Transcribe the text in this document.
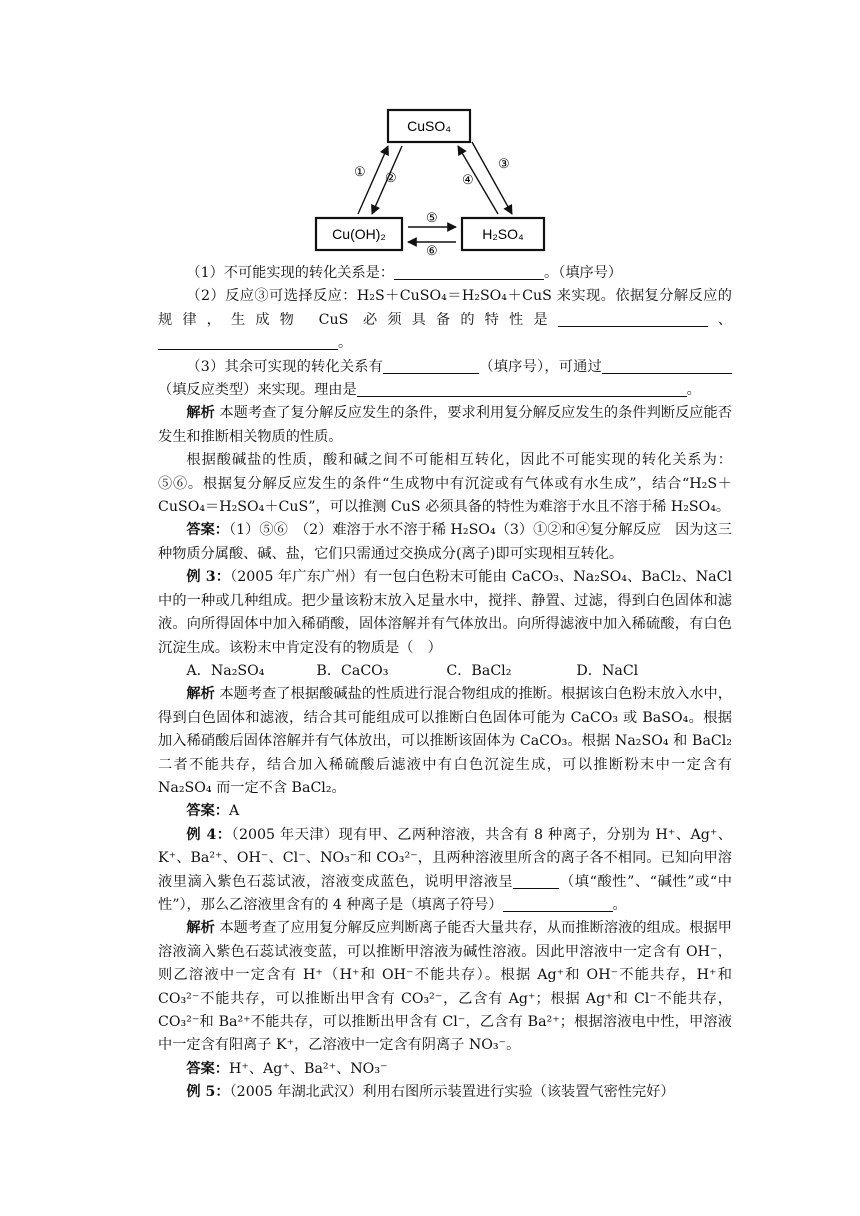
CuSO₄
Cu(OH)₂	H₂SO₄
① ②
③
④
⑤
⑥

（1）不可能实现的转化关系是：	。（填序号）

（2）反应③可选择反应：H₂S＋CuSO₄＝H₂SO₄＋CuS 来实现。依据复分解反应的规律，生成物 CuS 必须具备的特性是	、。

（3）其余可实现的转化关系有	（填序号），可通过（填反应类型）来实现。理由是	。

解析 本题考查了复分解反应发生的条件，要求利用复分解反应发生的条件判断反应能否发生和推断相关物质的性质。

根据酸碱盐的性质，酸和碱之间不可能相互转化，因此不可能实现的转化关系为：⑤⑥。根据复分解反应发生的条件“生成物中有沉淀或有气体或有水生成”，结合“H₂S＋CuSO₄＝H₂SO₄＋CuS”，可以推测 CuS 必须具备的特性为难溶于水且不溶于稀 H₂SO₄。

答案：（1）⑤⑥　（2）难溶于水不溶于稀 H₂SO₄（3）①②和④复分解反应　因为这三种物质分属酸、碱、盐，它们只需通过交换成分(离子)即可实现相互转化。

例 3：（2005 年广东广州）有一包白色粉末可能由 CaCO₃、Na₂SO₄、BaCl₂、NaCl 中的一种或几种组成。把少量该粉末放入足量水中，搅拌、静置、过滤，得到白色固体和滤液。向所得固体中加入稀硝酸，固体溶解并有气体放出。向所得滤液中加入稀硫酸，有白色沉淀生成。该粉末中肯定没有的物质是（　）

A．Na₂SO₄	B．CaCO₃	C．BaCl₂	D．NaCl

解析 本题考查了根据酸碱盐的性质进行混合物组成的推断。根据该白色粉末放入水中，得到白色固体和滤液，结合其可能组成可以推断白色固体可能为 CaCO₃ 或 BaSO₄。根据加入稀硝酸后固体溶解并有气体放出，可以推断该固体为 CaCO₃。根据 Na₂SO₄ 和 BaCl₂ 二者不能共存，结合加入稀硫酸后滤液中有白色沉淀生成，可以推断粉末中一定含有 Na₂SO₄ 而一定不含 BaCl₂。

答案：A

例 4：（2005 年天津）现有甲、乙两种溶液，共含有 8 种离子，分别为 H⁺、Ag⁺、K⁺、Ba²⁺、OH⁻、Cl⁻、NO₃⁻和 CO₃²⁻，且两种溶液里所含的离子各不相同。已知向甲溶液里滴入紫色石蕊试液，溶液变成蓝色，说明甲溶液呈	（填“酸性”、“碱性”或“中性”），那么乙溶液里含有的 4 种离子是（填离子符号）	。

解析 本题考查了应用复分解反应判断离子能否大量共存，从而推断溶液的组成。根据甲溶液滴入紫色石蕊试液变蓝，可以推断甲溶液为碱性溶液。因此甲溶液中一定含有 OH⁻，则乙溶液中一定含有 H⁺（H⁺和 OH⁻不能共存）。根据 Ag⁺和 OH⁻不能共存，H⁺和 CO₃²⁻不能共存，可以推断出甲含有 CO₃²⁻，乙含有 Ag⁺；根据 Ag⁺和 Cl⁻不能共存，CO₃²⁻和 Ba²⁺不能共存，可以推断出甲含有 Cl⁻，乙含有 Ba²⁺；根据溶液电中性，甲溶液中一定含有阳离子 K⁺，乙溶液中一定含有阴离子 NO₃⁻。

答案：H⁺、Ag⁺、Ba²⁺、NO₃⁻

例 5：（2005 年湖北武汉）利用右图所示装置进行实验（该装置气密性完好）
